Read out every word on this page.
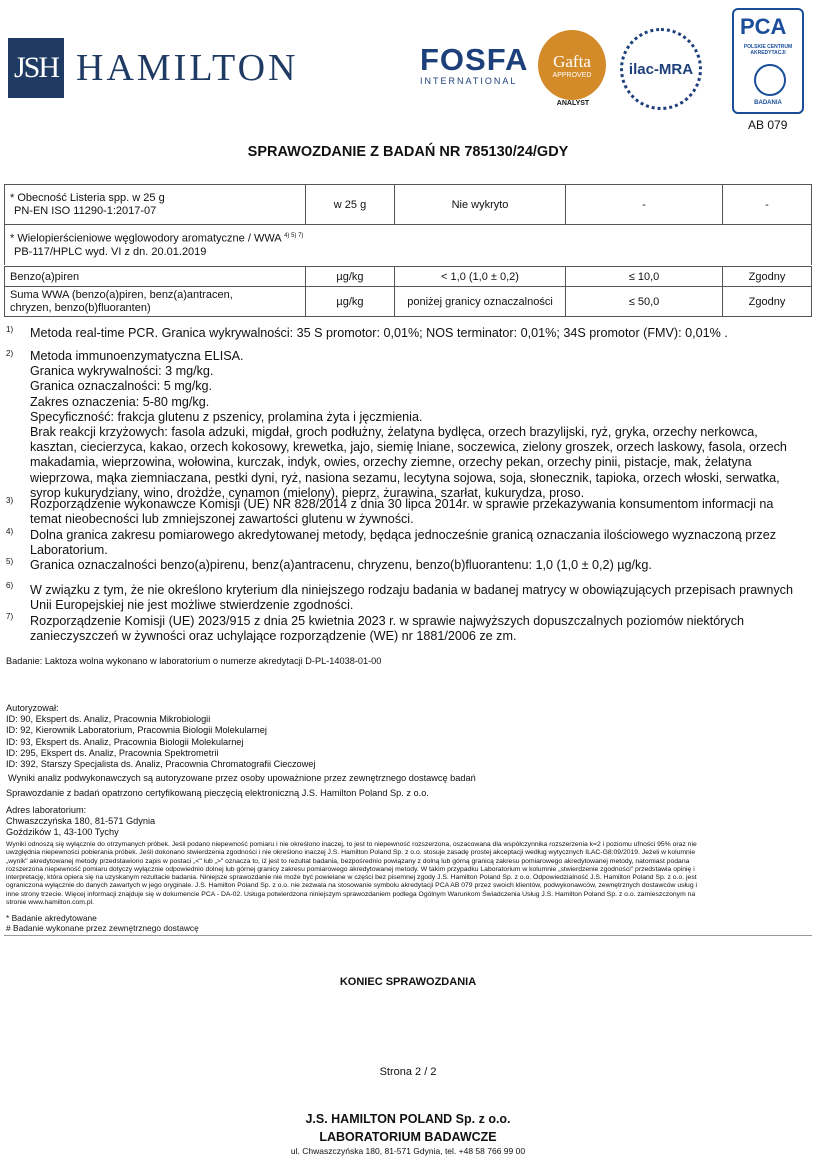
JSH HAMILTON	FOSFA
INTERNATIONAL
Gafta
APPROVED
ANALYST
ilac-MRA
PCA
POLSKIE CENTRUM AKREDYTACJI
BADANIA
AB 079
SPRAWOZDANIE Z BADAŃ NR 785130/24/GDY
* Obecność Listeria spp. w 25 g
PN-EN ISO 11290-1:2017-07	w 25 g	Nie wykryto	-	-

* Wielopierścieniowe węglowodory aromatyczne / WWA $^{4) 5) 7)}$
PB-117/HPLC wyd. VI z dn. 20.01.2019
Benzo(a)piren	µg/kg	< 1,0 (1,0 ± 0,2)	≤ 10,0	Zgodny

Suma WWA (benzo(a)piren, benz(a)antracen,
chryzen, benzo(b)fluoranten)	µg/kg	poniżej granicy oznaczalności	≤ 50,0	Zgodny
1) Metoda real-time PCR. Granica wykrywalności: 35 S promotor: 0,01%; NOS terminator: 0,01%; 34S promotor (FMV): 0,01% .
2) Metoda immunoenzymatyczna ELISA.
Granica wykrywalności: 3 mg/kg.
Granica oznaczalności: 5 mg/kg.
Zakres oznaczenia: 5-80 mg/kg.
Specyficzność: frakcja glutenu z pszenicy, prolamina żyta i jęczmienia.
Brak reakcji krzyżowych: fasola adzuki, migdał, groch podłużny, żelatyna bydlęca, orzech brazylijski, ryż, gryka, orzechy nerkowca,
kasztan, ciecierzyca, kakao, orzech kokosowy, krewetka, jajo, siemię lniane, soczewica, zielony groszek, orzech laskowy, fasola, orzech
makadamia, wieprzowina, wołowina, kurczak, indyk, owies, orzechy ziemne, orzechy pekan, orzechy pinii, pistacje, mak, żelatyna
wieprzowa, mąka ziemniaczana, pestki dyni, ryż, nasiona sezamu, lecytyna sojowa, soja, słonecznik, tapioka, orzech włoski, serwatka,
syrop kukurydziany, wino, drożdże, cynamon (mielony), pieprz, żurawina, szarłat, kukurydza, proso.
3) Rozporządzenie wykonawcze Komisji (UE) NR 828/2014 z dnia 30 lipca 2014r. w sprawie przekazywania konsumentom informacji na
temat nieobecności lub zmniejszonej zawartości glutenu w żywności.
4) Dolna granica zakresu pomiarowego akredytowanej metody, będąca jednocześnie granicą oznaczania ilościowego wyznaczoną przez
Laboratorium.
5) Granica oznaczalności benzo(a)pirenu, benz(a)antracenu, chryzenu, benzo(b)fluorantenu: 1,0 (1,0 ± 0,2) µg/kg.
6) W związku z tym, że nie określono kryterium dla niniejszego rodzaju badania w badanej matrycy w obowiązujących przepisach prawnych
Unii Europejskiej nie jest możliwe stwierdzenie zgodności.
7) Rozporządzenie Komisji (UE) 2023/915 z dnia 25 kwietnia 2023 r. w sprawie najwyższych dopuszczalnych poziomów niektórych
zanieczyszczeń w żywności oraz uchylające rozporządzenie (WE) nr 1881/2006 ze zm.
Badanie: Laktoza wolna wykonano w laboratorium o numerze akredytacji D-PL-14038-01-00
Autoryzował:
ID: 90, Ekspert ds. Analiz, Pracownia Mikrobiologii
ID: 92, Kierownik Laboratorium, Pracownia Biologii Molekularnej
ID: 93, Ekspert ds. Analiz, Pracownia Biologii Molekularnej
ID: 295, Ekspert ds. Analiz, Pracownia Spektrometrii
ID: 392, Starszy Specjalista ds. Analiz, Pracownia Chromatografii Cieczowej
Wyniki analiz podwykonawczych są autoryzowane przez osoby upoważnione przez zewnętrznego dostawcę badań
Sprawozdanie z badań opatrzono certyfikowaną pieczęcią elektroniczną J.S. Hamilton Poland Sp. z o.o.
Adres laboratorium:
Chwaszczyńska 180, 81-571 Gdynia
Goździków 1, 43-100 Tychy
Wyniki odnoszą się wyłącznie do otrzymanych próbek. Jeśli podano niepewność pomiaru i nie określono inaczej, to jest to niepewność rozszerzona, oszacowana dla współczynnika rozszerzenia k=2 i poziomu ufności 95% oraz nie
uwzględnia niepewności pobierania próbek. Jeśli dokonano stwierdzenia zgodności i nie określono inaczej J.S. Hamilton Poland Sp. z o.o. stosuje zasadę prostej akceptacji według wytycznych ILAC-G8:09/2019. Jeżeli w kolumnie
„wynik" akredytowanej metody przedstawiono zapis w postaci „<" lub „>" oznacza to, iż jest to rezultat badania, bezpośrednio powiązany z dolną lub górną granicą zakresu pomiarowego akredytowanej metody, natomiast podana
rozszerzona niepewność pomiaru dotyczy wyłącznie odpowiednio dolnej lub górnej granicy zakresu pomiarowego akredytowanej metody. W takim przypadku Laboratorium w kolumnie „stwierdzenie zgodności" przedstawia opinię i
interpretację, która opiera się na uzyskanym rezultacie badania. Niniejsze sprawozdanie nie może być powielane w części bez pisemnej zgody J.S. Hamilton Poland Sp. z o.o. Odpowiedzialność J.S. Hamilton Poland Sp. z o.o. jest
ograniczona wyłącznie do danych zawartych w jego oryginale. J.S. Hamilton Poland Sp. z o.o. nie zezwala na stosowanie symbolu akredytacji PCA AB 079 przez swoich klientów, podwykonawców, zewnętrznych dostawców usług i
inne strony trzecie. Więcej informacji znajduje się w dokumencie PCA - DA-02. Usługa potwierdzona niniejszym sprawozdaniem podlega Ogólnym Warunkom Świadczenia Usług J.S. Hamilton Poland Sp. z o.o. zamieszczonym na
stronie www.hamilton.com.pl.
* Badanie akredytowane
# Badanie wykonane przez zewnętrznego dostawcę
KONIEC SPRAWOZDANIA
Strona 2 / 2
J.S. HAMILTON POLAND Sp. z o.o.
LABORATORIUM BADAWCZE
ul. Chwaszczyńska 180, 81-571 Gdynia, tel. +48 58 766 99 00
